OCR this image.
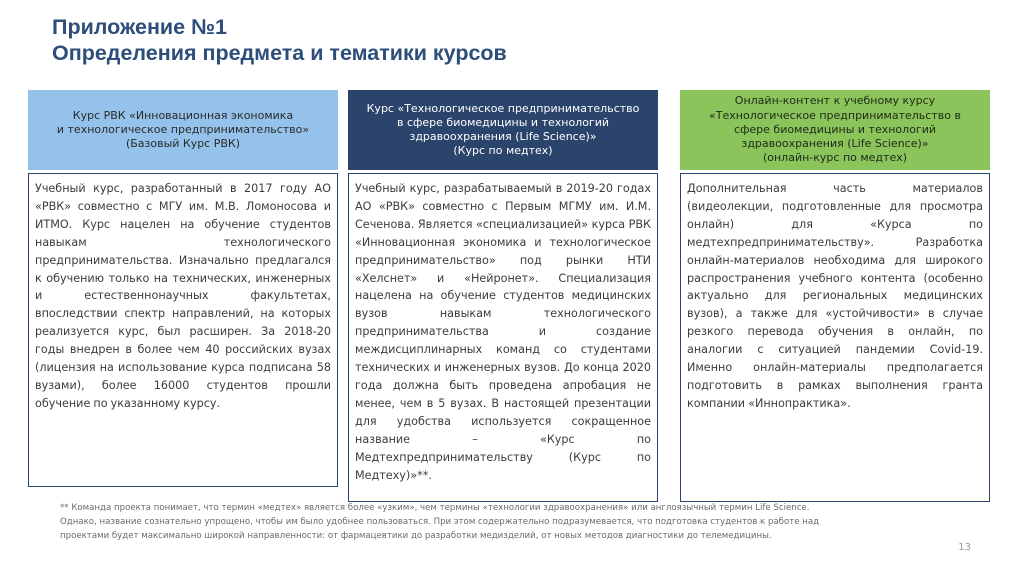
Приложение №1
Определения предмета и тематики курсов
Курс РВК «Инновационная экономика
и технологическое предпринимательство»
(Базовый Курс РВК)
Учебный курс, разработанный в 2017 году АО «РВК» совместно с МГУ им. М.В. Ломоносова и ИТМО. Курс нацелен на обучение студентов навыкам технологического предпринимательства. Изначально предлагался к обучению только на технических, инженерных и естественнонаучных факультетах, впоследствии спектр направлений, на которых реализуется курс, был расширен. За 2018-20 годы внедрен в более чем 40 российских вузах (лицензия на использование курса подписана 58 вузами), более 16000 студентов прошли обучение по указанному курсу.
Курс «Технологическое предпринимательство
в сфере биомедицины и технологий
здравоохранения (Life Science)»
(Курс по медтех)
Учебный курс, разрабатываемый в 2019-20 годах АО «РВК» совместно с Первым МГМУ им. И.М. Сеченова. Является «специализацией» курса РВК «Инновационная экономика и технологическое предпринимательство» под рынки НТИ «Хелснет» и «Нейронет». Специализация нацелена на обучение студентов медицинских вузов навыкам технологического предпринимательства и создание междисциплинарных команд со студентами технических и инженерных вузов. До конца 2020 года должна быть проведена апробация не менее, чем в 5 вузах. В настоящей презентации для удобства используется сокращенное название – «Курс по Медтехпредпринимательству (Курс по Медтеху)»**.
Онлайн-контент к учебному курсу
«Технологическое предпринимательство в
сфере биомедицины и технологий
здравоохранения (Life Science)»
(онлайн-курс по медтех)
Дополнительная часть материалов (видеолекции, подготовленные для просмотра онлайн) для «Курса по медтехпредпринимательству». Разработка онлайн-материалов необходима для широкого распространения учебного контента (особенно актуально для региональных медицинских вузов), а также для «устойчивости» в случае резкого перевода обучения в онлайн, по аналогии с ситуацией пандемии Covid-19. Именно онлайн-материалы предполагается подготовить в рамках выполнения гранта компании «Иннопрактика».
** Команда проекта понимает, что термин «медтех» является более «узким», чем термины «технологии здравоохранения» или англоязычный термин Life Science.
Однако, название сознательно упрощено, чтобы им было удобнее пользоваться. При этом содержательно подразумевается, что подготовка студентов к работе над
проектами будет максимально широкой направленности: от фармацевтики до разработки медизделий, от новых методов диагностики до телемедицины.
13
